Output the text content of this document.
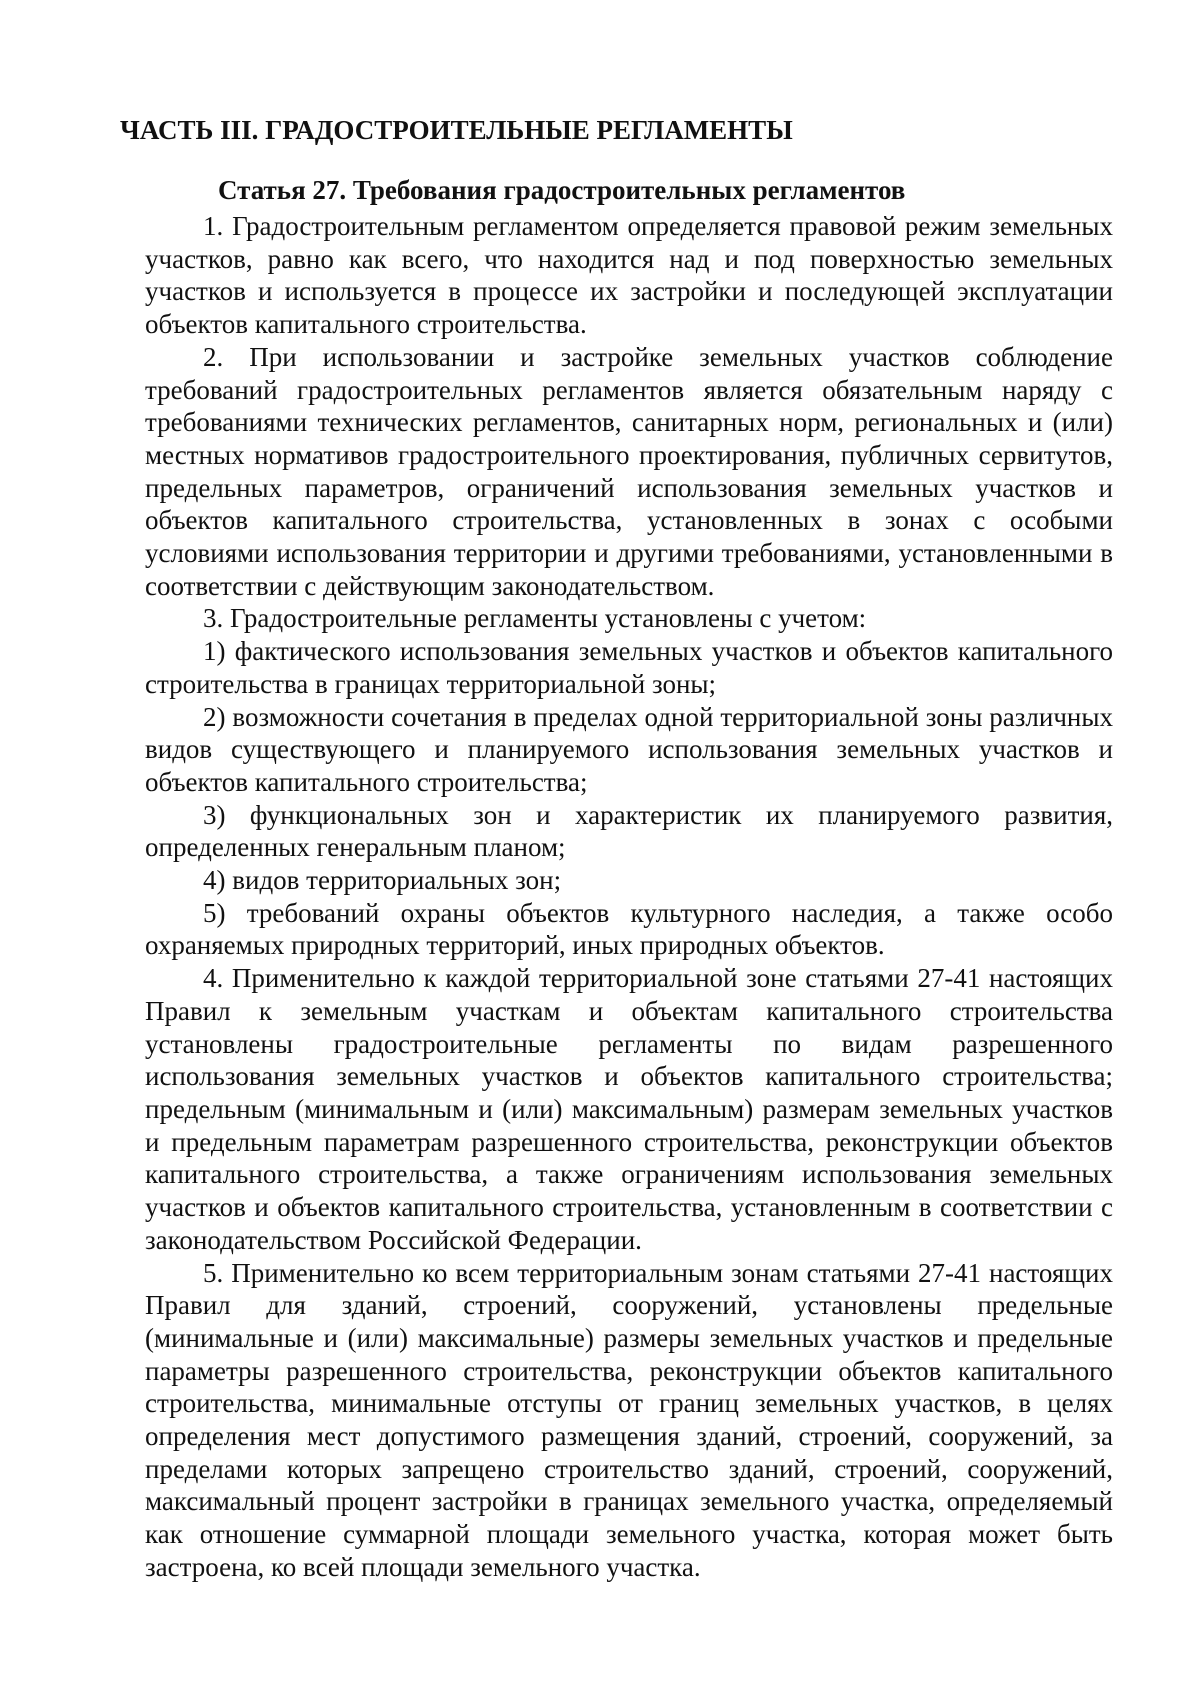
ЧАСТЬ III. ГРАДОСТРОИТЕЛЬНЫЕ РЕГЛАМЕНТЫ
Статья 27. Требования градостроительных регламентов

1. Градостроительным регламентом определяется правовой режим земельных участков, равно как всего, что находится над и под поверхностью земельных участков и используется в процессе их застройки и последующей эксплуатации объектов капитального строительства.

2. При использовании и застройке земельных участков соблюдение требований градостроительных регламентов является обязательным наряду с требованиями технических регламентов, санитарных норм, региональных и (или) местных нормативов градостроительного проектирования, публичных сервитутов, предельных параметров, ограничений использования земельных участков и объектов капитального строительства, установленных в зонах с особыми условиями использования территории и другими требованиями, установленными в соответствии с действующим законодательством.

3. Градостроительные регламенты установлены с учетом:

1) фактического использования земельных участков и объектов капитального строительства в границах территориальной зоны;

2) возможности сочетания в пределах одной территориальной зоны различных видов существующего и планируемого использования земельных участков и объектов капитального строительства;

3) функциональных зон и характеристик их планируемого развития, определенных генеральным планом;

4) видов территориальных зон;

5) требований охраны объектов культурного наследия, а также особо охраняемых природных территорий, иных природных объектов.

4. Применительно к каждой территориальной зоне статьями 27-41 настоящих Правил к земельным участкам и объектам капитального строительства установлены градостроительные регламенты по видам разрешенного использования земельных участков и объектов капитального строительства; предельным (минимальным и (или) максимальным) размерам земельных участков и предельным параметрам разрешенного строительства, реконструкции объектов капитального строительства, а также ограничениям использования земельных участков и объектов капитального строительства, установленным в соответствии с законодательством Российской Федерации.

5. Применительно ко всем территориальным зонам статьями 27-41 настоящих Правил для зданий, строений, сооружений, установлены предельные (минимальные и (или) максимальные) размеры земельных участков и предельные параметры разрешенного строительства, реконструкции объектов капитального строительства, минимальные отступы от границ земельных участков, в целях определения мест допустимого размещения зданий, строений, сооружений, за пределами которых запрещено строительство зданий, строений, сооружений, максимальный процент застройки в границах земельного участка, определяемый как отношение суммарной площади земельного участка, которая может быть застроена, ко всей площади земельного участка.
